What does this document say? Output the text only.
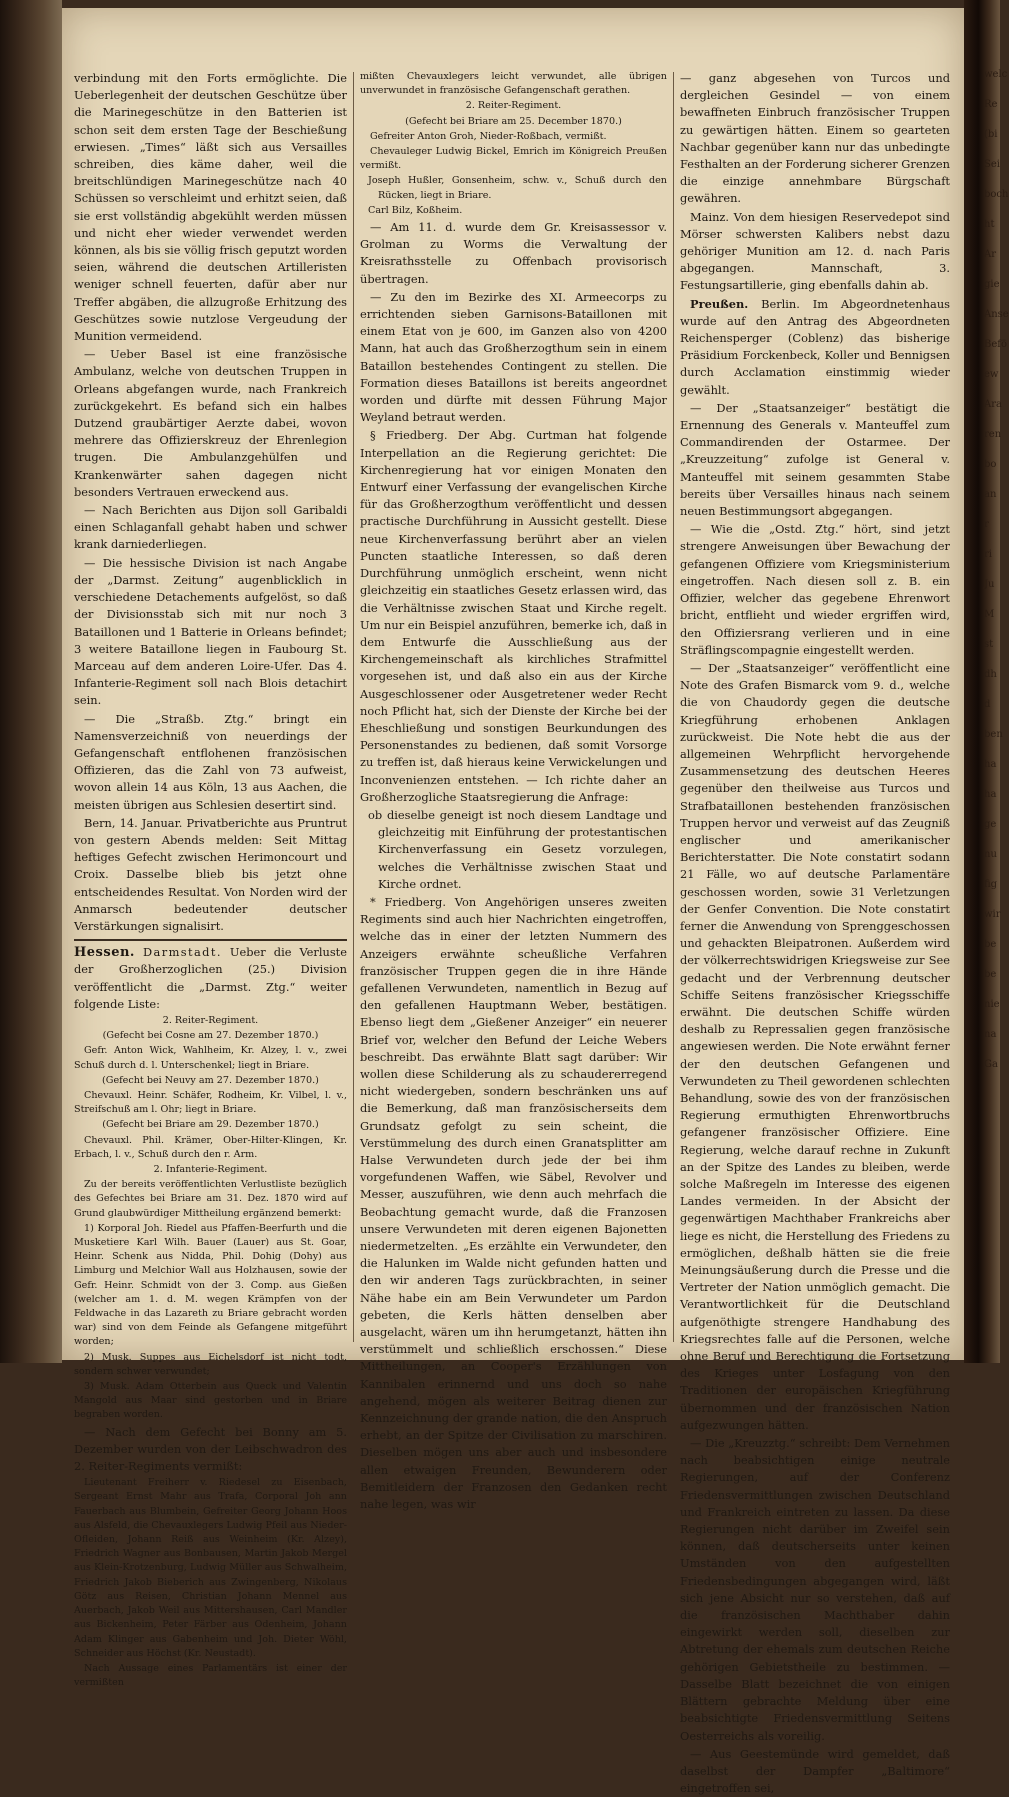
welc
Re
(bi
Sei
boch
ht
Ar
gie
Anse
Befö
ew
Ara
ren
bo
an
r
ri
Ju
M
st
dh
d
ben
ha
ha
ge
nu
fig
wir
be
be
nie
na
Ga

verbindung mit den Forts ermöglichte. Die Ueberlegenheit der deutschen Geschütze über die Marinegeschütze in den Batterien ist schon seit dem ersten Tage der Beschießung erwiesen. „Times“ läßt sich aus Versailles schreiben, dies käme daher, weil die breitschlündigen Marinegeschütze nach 40 Schüssen so verschleimt und erhitzt seien, daß sie erst vollständig abgekühlt werden müssen und nicht eher wieder verwendet werden können, als bis sie völlig frisch geputzt worden seien, während die deutschen Artilleristen weniger schnell feuerten, dafür aber nur Treffer abgäben, die allzugroße Erhitzung des Geschützes sowie nutzlose Vergeudung der Munition vermeidend.

— Ueber Basel ist eine französische Ambulanz, welche von deutschen Truppen in Orleans abgefangen wurde, nach Frankreich zurückgekehrt. Es befand sich ein halbes Dutzend graubärtiger Aerzte dabei, wovon mehrere das Offizierskreuz der Ehrenlegion trugen. Die Ambulanzgehülfen und Krankenwärter sahen dagegen nicht besonders Vertrauen erweckend aus.

— Nach Berichten aus Dijon soll Garibaldi einen Schlaganfall gehabt haben und schwer krank darniederliegen.

— Die hessische Division ist nach Angabe der „Darmst. Zeitung“ augenblicklich in verschiedene Detachements aufgelöst, so daß der Divisionsstab sich mit nur noch 3 Bataillonen und 1 Batterie in Orleans befindet; 3 weitere Bataillone liegen in Faubourg St. Marceau auf dem anderen Loire-Ufer. Das 4. Infanterie-Regiment soll nach Blois detachirt sein.

— Die „Straßb. Ztg.“ bringt ein Namensverzeichniß von neuerdings der Gefangenschaft entflohenen französischen Offizieren, das die Zahl von 73 aufweist, wovon allein 14 aus Köln, 13 aus Aachen, die meisten übrigen aus Schlesien desertirt sind.

Bern, 14. Januar. Privatberichte aus Pruntrut von gestern Abends melden: Seit Mittag heftiges Gefecht zwischen Herimoncourt und Croix. Dasselbe blieb bis jetzt ohne entscheidendes Resultat. Von Norden wird der Anmarsch bedeutender deutscher Verstärkungen signalisirt.

Hessen. Darmstadt. Ueber die Verluste der Großherzoglichen (25.) Division veröffentlicht die „Darmst. Ztg.“ weiter folgende Liste:

2. Reiter-Regiment.

(Gefecht bei Cosne am 27. Dezember 1870.)

Gefr. Anton Wick, Wahlheim, Kr. Alzey, l. v., zwei Schuß durch d. l. Unterschenkel; liegt in Briare.

(Gefecht bei Neuvy am 27. Dezember 1870.)

Chevauxl. Heinr. Schäfer, Rodheim, Kr. Vilbel, l. v., Streifschuß am l. Ohr; liegt in Briare.

(Gefecht bei Briare am 29. Dezember 1870.)

Chevauxl. Phil. Krämer, Ober-Hilter-Klingen, Kr. Erbach, l. v., Schuß durch den r. Arm.

2. Infanterie-Regiment.

Zu der bereits veröffentlichten Verlustliste bezüglich des Gefechtes bei Briare am 31. Dez. 1870 wird auf Grund glaubwürdiger Mittheilung ergänzend bemerkt:

1) Korporal Joh. Riedel aus Pfaffen-Beerfurth und die Musketiere Karl Wilh. Bauer (Lauer) aus St. Goar, Heinr. Schenk aus Nidda, Phil. Dohig (Dohy) aus Limburg und Melchior Wall aus Holzhausen, sowie der Gefr. Heinr. Schmidt von der 3. Comp. aus Gießen (welcher am 1. d. M. wegen Krämpfen von der Feldwache in das Lazareth zu Briare gebracht worden war) sind von dem Feinde als Gefangene mitgeführt worden;

2) Musk. Suppes aus Eichelsdorf ist nicht todt, sondern schwer verwundet;

3) Musk. Adam Otterbein aus Queck und Valentin Mangold aus Maar sind gestorben und in Briare begraben worden.

— Nach dem Gefecht bei Bonny am 5. Dezember wurden von der Leibschwadron des 2. Reiter-Regiments vermißt:

Lieutenant Freiherr v. Riedesel zu Eisenbach, Sergeant Ernst Mahr aus Trafa, Corporal Joh ann Fauerbach aus Blumbein, Gefreiter Georg Johann Hoos aus Alsfeld, die Chevauxlegers Ludwig Pfeil aus Nieder-Ofleiden, Johann Reiß aus Weinheim (Kr. Alzey), Friedrich Wagner aus Bonbausen, Martin Jakob Mergel aus Klein-Krotzenburg, Ludwig Müller aus Schwalheim, Friedrich Jakob Bieberich aus Zwingenberg, Nikolaus Götz aus Reisen, Christian Johann Mennel aus Auerbach, Jakob Weil aus Mittershausen, Carl Mandler aus Bickenheim, Peter Färber aus Odenheim, Johann Adam Klinger aus Gabenheim und Joh. Dieter Wöhl, Schneider aus Höchst (Kr. Neustadt).

Nach Aussage eines Parlamentärs ist einer der vermißten

mißten Chevauxlegers leicht verwundet, alle übrigen unverwundet in französische Gefangenschaft gerathen.

2. Reiter-Regiment.

(Gefecht bei Briare am 25. December 1870.)

Gefreiter Anton Groh, Nieder-Roßbach, vermißt.

Chevauleger Ludwig Bickel, Emrich im Königreich Preußen vermißt.

Joseph Hußler, Gonsenheim, schw. v., Schuß durch den Rücken, liegt in Briare.

Carl Bilz, Koßheim.

— Am 11. d. wurde dem Gr. Kreisassessor v. Grolman zu Worms die Verwaltung der Kreisrathsstelle zu Offenbach provisorisch übertragen.

— Zu den im Bezirke des XI. Armeecorps zu errichtenden sieben Garnisons-Bataillonen mit einem Etat von je 600, im Ganzen also von 4200 Mann, hat auch das Großherzogthum sein in einem Bataillon bestehendes Contingent zu stellen. Die Formation dieses Bataillons ist bereits angeordnet worden und dürfte mit dessen Führung Major Weyland betraut werden.

§ Friedberg. Der Abg. Curtman hat folgende Interpellation an die Regierung gerichtet: Die Kirchenregierung hat vor einigen Monaten den Entwurf einer Verfassung der evangelischen Kirche für das Großherzogthum veröffentlicht und dessen practische Durchführung in Aussicht gestellt. Diese neue Kirchenverfassung berührt aber an vielen Puncten staatliche Interessen, so daß deren Durchführung unmöglich erscheint, wenn nicht gleichzeitig ein staatliches Gesetz erlassen wird, das die Verhältnisse zwischen Staat und Kirche regelt. Um nur ein Beispiel anzuführen, bemerke ich, daß in dem Entwurfe die Ausschließung aus der Kirchengemeinschaft als kirchliches Strafmittel vorgesehen ist, und daß also ein aus der Kirche Ausgeschlossener oder Ausgetretener weder Recht noch Pflicht hat, sich der Dienste der Kirche bei der Eheschließung und sonstigen Beurkundungen des Personenstandes zu bedienen, daß somit Vorsorge zu treffen ist, daß hieraus keine Verwickelungen und Inconvenienzen entstehen. — Ich richte daher an Großherzogliche Staatsregierung die Anfrage:

ob dieselbe geneigt ist noch diesem Landtage und gleichzeitig mit Einführung der protestantischen Kirchenverfassung ein Gesetz vorzulegen, welches die Verhältnisse zwischen Staat und Kirche ordnet.

* Friedberg. Von Angehörigen unseres zweiten Regiments sind auch hier Nachrichten eingetroffen, welche das in einer der letzten Nummern des Anzeigers erwähnte scheußliche Verfahren französischer Truppen gegen die in ihre Hände gefallenen Verwundeten, namentlich in Bezug auf den gefallenen Hauptmann Weber, bestätigen. Ebenso liegt dem „Gießener Anzeiger“ ein neuerer Brief vor, welcher den Befund der Leiche Webers beschreibt. Das erwähnte Blatt sagt darüber: Wir wollen diese Schilderung als zu schaudererregend nicht wiedergeben, sondern beschränken uns auf die Bemerkung, daß man französischerseits dem Grundsatz gefolgt zu sein scheint, die Verstümmelung des durch einen Granatsplitter am Halse Verwundeten durch jede der bei ihm vorgefundenen Waffen, wie Säbel, Revolver und Messer, auszuführen, wie denn auch mehrfach die Beobachtung gemacht wurde, daß die Franzosen unsere Verwundeten mit deren eigenen Bajonetten niedermetzelten. „Es erzählte ein Verwundeter, den die Halunken im Walde nicht gefunden hatten und den wir anderen Tags zurückbrachten, in seiner Nähe habe ein am Bein Verwundeter um Pardon gebeten, die Kerls hätten denselben aber ausgelacht, wären um ihn herumgetanzt, hätten ihn verstümmelt und schließlich erschossen.“ Diese Mittheilungen, an Cooper's Erzählungen von Kannibalen erinnernd und uns doch so nahe angehend, mögen als weiterer Beitrag dienen zur Kennzeichnung der grande nation, die den Anspruch erhebt, an der Spitze der Civilisation zu marschiren. Dieselben mögen uns aber auch und insbesondere allen etwaigen Freunden, Bewunderern oder Bemitleidern der Franzosen den Gedanken recht nahe legen, was wir

— ganz abgesehen von Turcos und dergleichen Gesindel — von einem bewaffneten Einbruch französischer Truppen zu gewärtigen hätten. Einem so gearteten Nachbar gegenüber kann nur das unbedingte Festhalten an der Forderung sicherer Grenzen die einzige annehmbare Bürgschaft gewähren.

Mainz. Von dem hiesigen Reservedepot sind Mörser schwersten Kalibers nebst dazu gehöriger Munition am 12. d. nach Paris abgegangen. Mannschaft, 3. Festungsartillerie, ging ebenfalls dahin ab.

Preußen. Berlin. Im Abgeordnetenhaus wurde auf den Antrag des Abgeordneten Reichensperger (Coblenz) das bisherige Präsidium Forckenbeck, Koller und Bennigsen durch Acclamation einstimmig wieder gewählt.

— Der „Staatsanzeiger“ bestätigt die Ernennung des Generals v. Manteuffel zum Commandirenden der Ostarmee. Der „Kreuzzeitung“ zufolge ist General v. Manteuffel mit seinem gesammten Stabe bereits über Versailles hinaus nach seinem neuen Bestimmungsort abgegangen.

— Wie die „Ostd. Ztg.“ hört, sind jetzt strengere Anweisungen über Bewachung der gefangenen Offiziere vom Kriegsministerium eingetroffen. Nach diesen soll z. B. ein Offizier, welcher das gegebene Ehrenwort bricht, entflieht und wieder ergriffen wird, den Offiziersrang verlieren und in eine Sträflingscompagnie eingestellt werden.

— Der „Staatsanzeiger“ veröffentlicht eine Note des Grafen Bismarck vom 9. d., welche die von Chaudordy gegen die deutsche Kriegführung erhobenen Anklagen zurückweist. Die Note hebt die aus der allgemeinen Wehrpflicht hervorgehende Zusammensetzung des deutschen Heeres gegenüber den theilweise aus Turcos und Strafbataillonen bestehenden französischen Truppen hervor und verweist auf das Zeugniß englischer und amerikanischer Berichterstatter. Die Note constatirt sodann 21 Fälle, wo auf deutsche Parlamentäre geschossen worden, sowie 31 Verletzungen der Genfer Convention. Die Note constatirt ferner die Anwendung von Sprenggeschossen und gehackten Bleipatronen. Außerdem wird der völkerrechtswidrigen Kriegsweise zur See gedacht und der Verbrennung deutscher Schiffe Seitens französischer Kriegsschiffe erwähnt. Die deutschen Schiffe würden deshalb zu Repressalien gegen französische angewiesen werden. Die Note erwähnt ferner der den deutschen Gefangenen und Verwundeten zu Theil gewordenen schlechten Behandlung, sowie des von der französischen Regierung ermuthigten Ehrenwortbruchs gefangener französischer Offiziere. Eine Regierung, welche darauf rechne in Zukunft an der Spitze des Landes zu bleiben, werde solche Maßregeln im Interesse des eigenen Landes vermeiden. In der Absicht der gegenwärtigen Machthaber Frankreichs aber liege es nicht, die Herstellung des Friedens zu ermöglichen, deßhalb hätten sie die freie Meinungsäußerung durch die Presse und die Vertreter der Nation unmöglich gemacht. Die Verantwortlichkeit für die Deutschland aufgenöthigte strengere Handhabung des Kriegsrechtes falle auf die Personen, welche ohne Beruf und Berechtigung die Fortsetzung des Krieges unter Losfagung von den Traditionen der europäischen Kriegführung übernommen und der französischen Nation aufgezwungen hätten.

— Die „Kreuzztg.“ schreibt: Dem Vernehmen nach beabsichtigen einige neutrale Regierungen, auf der Conferenz Friedensvermittlungen zwischen Deutschland und Frankreich eintreten zu lassen. Da diese Regierungen nicht darüber im Zweifel sein können, daß deutscherseits unter keinen Umständen von den aufgestellten Friedensbedingungen abgegangen wird, läßt sich jene Absicht nur so verstehen, daß auf die französischen Machthaber dahin eingewirkt werden soll, dieselben zur Abtretung der ehemals zum deutschen Reiche gehörigen Gebietstheile zu bestimmen. — Dasselbe Blatt bezeichnet die von einigen Blättern gebrachte Meldung über eine beabsichtigte Friedensvermittlung Seitens Oesterreichs als voreilig.

— Aus Geestemünde wird gemeldet, daß daselbst der Dampfer „Baltimore“ eingetroffen sei,
